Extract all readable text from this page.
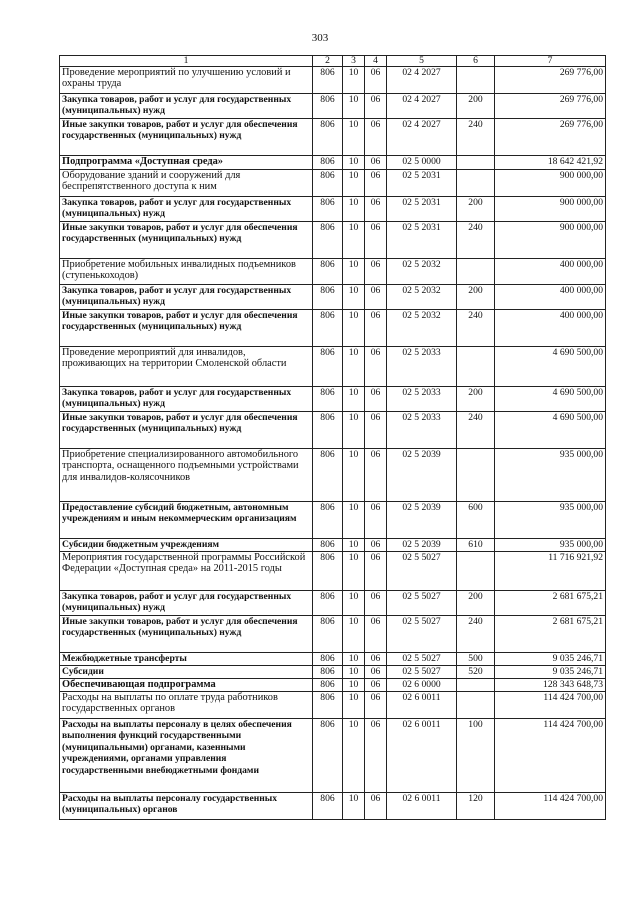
303
1	2	3	4	5	6	7
Проведение мероприятий по улучшению условий и охраны труда	806	10	06	02 4 2027		269 776,00
Закупка товаров, работ и услуг для государственных (муниципальных) нужд	806	10	06	02 4 2027	200	269 776,00
Иные закупки товаров, работ и услуг для обеспечения государственных (муниципальных) нужд	806	10	06	02 4 2027	240	269 776,00
Подпрограмма «Доступная среда»	806	10	06	02 5 0000		18 642 421,92
Оборудование зданий и сооружений для беспрепятственного доступа к ним	806	10	06	02 5 2031		900 000,00
Закупка товаров, работ и услуг для государственных (муниципальных) нужд	806	10	06	02 5 2031	200	900 000,00
Иные закупки товаров, работ и услуг для обеспечения государственных (муниципальных) нужд	806	10	06	02 5 2031	240	900 000,00
Приобретение мобильных инвалидных подъемников (ступенькоходов)	806	10	06	02 5 2032		400 000,00
Закупка товаров, работ и услуг для государственных (муниципальных) нужд	806	10	06	02 5 2032	200	400 000,00
Иные закупки товаров, работ и услуг для обеспечения государственных (муниципальных) нужд	806	10	06	02 5 2032	240	400 000,00
Проведение мероприятий для инвалидов, проживающих на территории Смоленской области	806	10	06	02 5 2033		4 690 500,00
Закупка товаров, работ и услуг для государственных (муниципальных) нужд	806	10	06	02 5 2033	200	4 690 500,00
Иные закупки товаров, работ и услуг для обеспечения государственных (муниципальных) нужд	806	10	06	02 5 2033	240	4 690 500,00
Приобретение специализированного автомобильного транспорта, оснащенного подъемными устройствами для инвалидов-колясочников	806	10	06	02 5 2039		935 000,00
Предоставление субсидий бюджетным, автономным учреждениям и иным некоммерческим организациям	806	10	06	02 5 2039	600	935 000,00
Субсидии бюджетным учреждениям	806	10	06	02 5 2039	610	935 000,00
Мероприятия государственной программы Российской Федерации «Доступная среда» на 2011-2015 годы	806	10	06	02 5 5027		11 716 921,92
Закупка товаров, работ и услуг для государственных (муниципальных) нужд	806	10	06	02 5 5027	200	2 681 675,21
Иные закупки товаров, работ и услуг для обеспечения государственных (муниципальных) нужд	806	10	06	02 5 5027	240	2 681 675,21
Межбюджетные трансферты	806	10	06	02 5 5027	500	9 035 246,71
Субсидии	806	10	06	02 5 5027	520	9 035 246,71
Обеспечивающая подпрограмма	806	10	06	02 6 0000		128 343 648,73
Расходы на выплаты по оплате труда работников государственных органов	806	10	06	02 6 0011		114 424 700,00
Расходы на выплаты персоналу в целях обеспечения выполнения функций государственными (муниципальными) органами, казенными учреждениями, органами управления государственными внебюджетными фондами	806	10	06	02 6 0011	100	114 424 700,00
Расходы на выплаты персоналу государственных (муниципальных) органов	806	10	06	02 6 0011	120	114 424 700,00
